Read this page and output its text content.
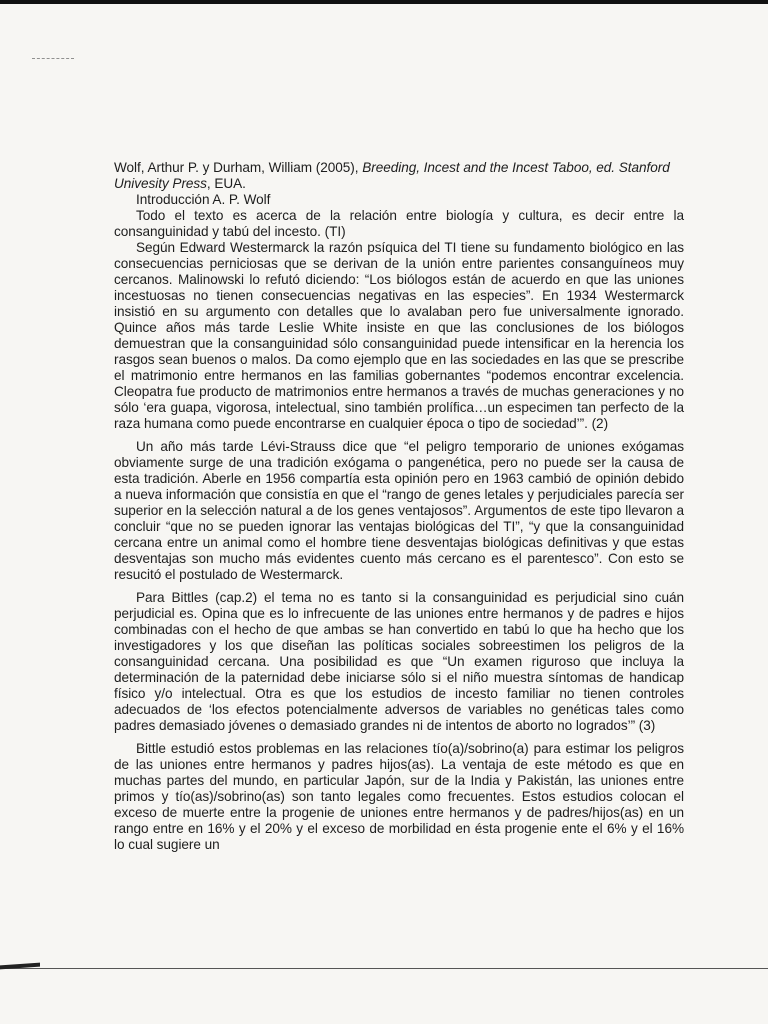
Wolf, Arthur P. y Durham, William (2005), Breeding, Incest and the Incest Taboo, ed. Stanford Univesity Press, EUA.

Introducción A. P. Wolf

Todo el texto es acerca de la relación entre biología y cultura, es decir entre la consanguinidad y tabú del incesto. (TI)

Según Edward Westermarck la razón psíquica del TI tiene su fundamento biológico en las consecuencias perniciosas que se derivan de la unión entre parientes consanguíneos muy cercanos. Malinowski lo refutó diciendo: “Los biólogos están de acuerdo en que las uniones incestuosas no tienen consecuencias negativas en las especies”. En 1934 Westermarck insistió en su argumento con detalles que lo avalaban pero fue universalmente ignorado. Quince años más tarde Leslie White insiste en que las conclusiones de los biólogos demuestran que la consanguinidad sólo consanguinidad puede intensificar en la herencia los rasgos sean buenos o malos. Da como ejemplo que en las sociedades en las que se prescribe el matrimonio entre hermanos en las familias gobernantes “podemos encontrar excelencia. Cleopatra fue producto de matrimonios entre hermanos a través de muchas generaciones y no sólo ‘era guapa, vigorosa, intelectual, sino también prolífica…un especimen tan perfecto de la raza humana como puede encontrarse en cualquier época o tipo de sociedad’”. (2)

Un año más tarde Lévi-Strauss dice que “el peligro temporario de uniones exógamas obviamente surge de una tradición exógama o pangenética, pero no puede ser la causa de esta tradición. Aberle en 1956 compartía esta opinión pero en 1963 cambió de opinión debido a nueva información que consistía en que el “rango de genes letales y perjudiciales parecía ser superior en la selección natural a de los genes ventajosos”. Argumentos de este tipo llevaron a concluir “que no se pueden ignorar las ventajas biológicas del TI”, “y que la consanguinidad cercana entre un animal como el hombre tiene desventajas biológicas definitivas y que estas desventajas son mucho más evidentes cuento más cercano es el parentesco”. Con esto se resucitó el postulado de Westermarck.

Para Bittles (cap.2) el tema no es tanto si la consanguinidad es perjudicial sino cuán perjudicial es. Opina que es lo infrecuente de las uniones entre hermanos y de padres e hijos combinadas con el hecho de que ambas se han convertido en tabú lo que ha hecho que los investigadores y los que diseñan las políticas sociales sobreestimen los peligros de la consanguinidad cercana. Una posibilidad es que “Un examen riguroso que incluya la determinación de la paternidad debe iniciarse sólo si el niño muestra síntomas de handicap físico y/o intelectual. Otra es que los estudios de incesto familiar no tienen controles adecuados de ‘los efectos potencialmente adversos de variables no genéticas tales como padres demasiado jóvenes o demasiado grandes ni de intentos de aborto no logrados’” (3)

Bittle estudió estos problemas en las relaciones tío(a)/sobrino(a) para estimar los peligros de las uniones entre hermanos y padres hijos(as). La ventaja de este método es que en muchas partes del mundo, en particular Japón, sur de la India y Pakistán, las uniones entre primos y tío(as)/sobrino(as) son tanto legales como frecuentes. Estos estudios colocan el exceso de muerte entre la progenie de uniones entre hermanos y de padres/hijos(as) en un rango entre en 16% y el 20% y el exceso de morbilidad en ésta progenie ente el 6% y el 16% lo cual sugiere un
